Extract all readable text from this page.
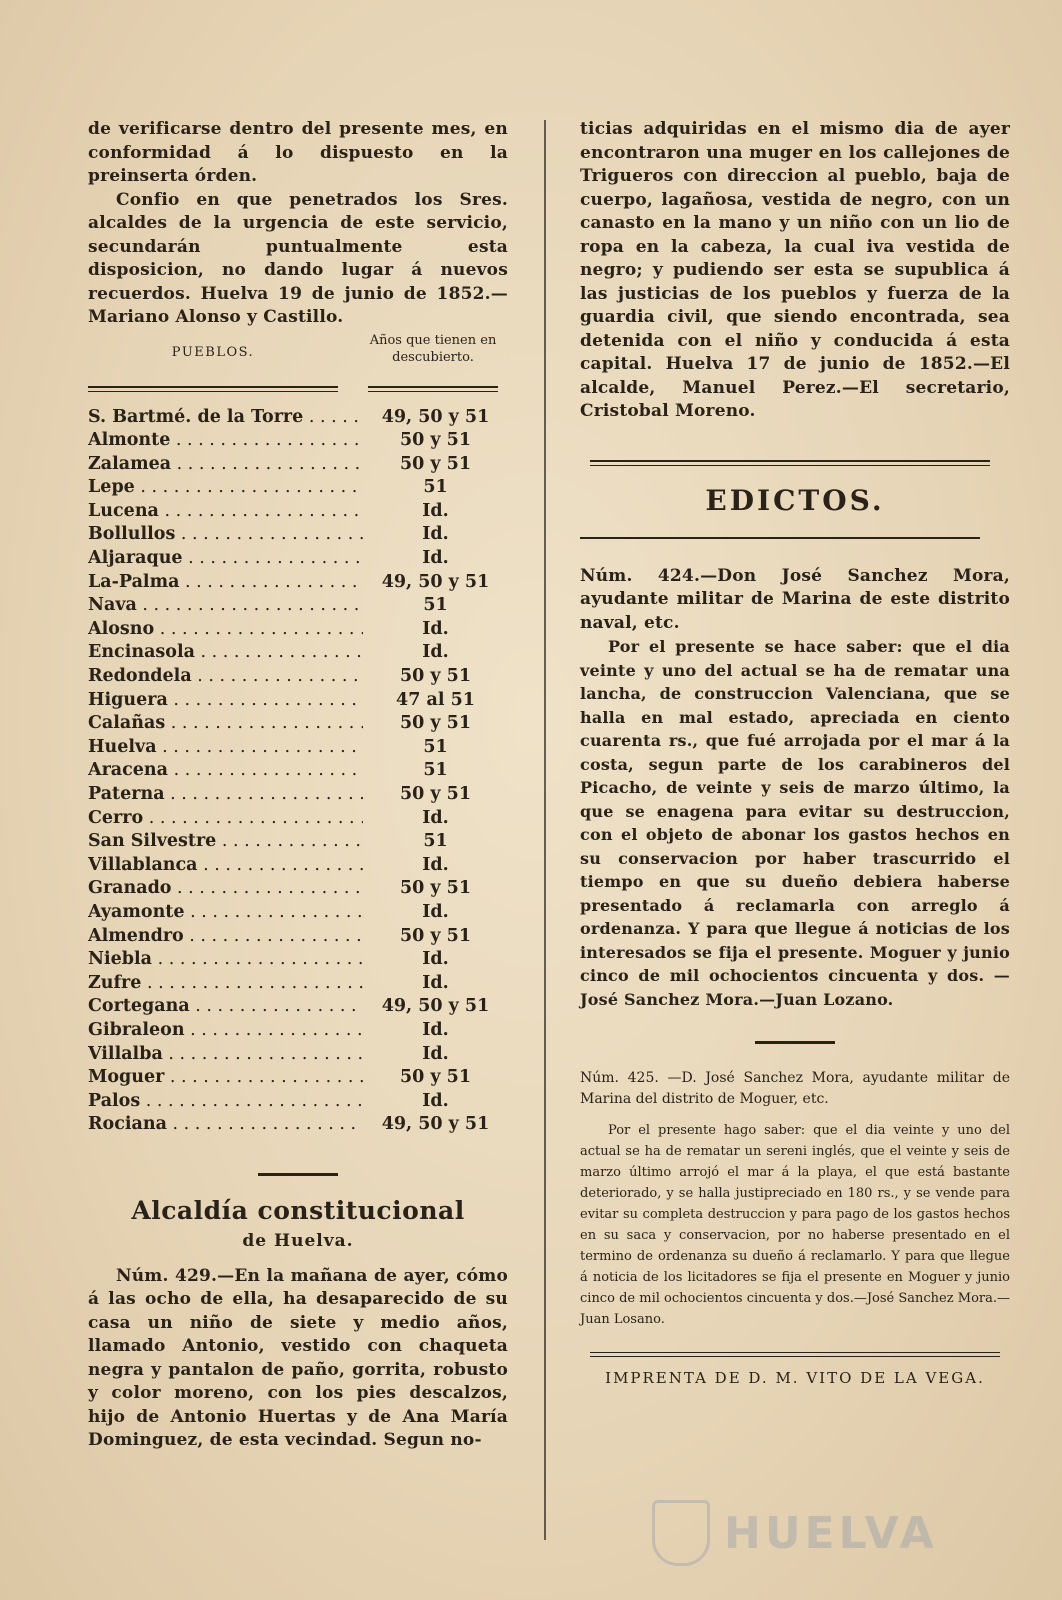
de verificarse dentro del presente mes, en conformidad á lo dispuesto en la preinserta órden.

Confio en que penetrados los Sres. alcaldes de la urgencia de este servicio, secundarán puntualmente esta disposicion, no dando lugar á nuevos recuerdos. Huelva 19 de junio de 1852.—Mariano Alonso y Castillo.

PUEBLOS.
Años que tienen en descubierto.
S. Bartmé. de la Torre . . .	49, 50 y 51
Almonte . . .	50 y 51
Zalamea . . .	50 y 51
Lepe . . .	51
Lucena . . .	Id.
Bollullos . . .	Id.
Aljaraque . . .	Id.
La-Palma . . .	49, 50 y 51
Nava . . .	51
Alosno . . .	Id.
Encinasola . . .	Id.
Redondela . . .	50 y 51
Higuera . . .	47 al 51
Calañas . . .	50 y 51
Huelva . . .	51
Aracena . . .	51
Paterna . . .	50 y 51
Cerro . . .	Id.
San Silvestre . . .	51
Villablanca . . .	Id.
Granado . . .	50 y 51
Ayamonte . . .	Id.
Almendro . . .	50 y 51
Niebla . . .	Id.
Zufre . . .	Id.
Cortegana . . .	49, 50 y 51
Gibraleon . . .	Id.
Villalba . . .	Id.
Moguer . . .	50 y 51
Palos . . .	Id.
Rociana . . .	49, 50 y 51
Alcaldía constitucional
de Huelva.

Núm. 429.—En la mañana de ayer, cómo á las ocho de ella, ha desaparecido de su casa un niño de siete y medio años, llamado Antonio, vestido con chaqueta negra y pantalon de paño, gorrita, robusto y color moreno, con los pies descalzos, hijo de Antonio Huertas y de Ana María Dominguez, de esta vecindad. Segun no-

ticias adquiridas en el mismo dia de ayer encontraron una muger en los callejones de Trigueros con direccion al pueblo, baja de cuerpo, lagañosa, vestida de negro, con un canasto en la mano y un niño con un lio de ropa en la cabeza, la cual iva vestida de negro; y pudiendo ser esta se supublica á las justicias de los pueblos y fuerza de la guardia civil, que siendo encontrada, sea detenida con el niño y conducida á esta capital. Huelva 17 de junio de 1852.—El alcalde, Manuel Perez.—El secretario, Cristobal Moreno.

EDICTOS.

Núm. 424.—Don José Sanchez Mora, ayudante militar de Marina de este distrito naval, etc.

Por el presente se hace saber: que el dia veinte y uno del actual se ha de rematar una lancha, de construccion Valenciana, que se halla en mal estado, apreciada en ciento cuarenta rs., que fué arrojada por el mar á la costa, segun parte de los carabineros del Picacho, de veinte y seis de marzo último, la que se enagena para evitar su destruccion, con el objeto de abonar los gastos hechos en su conservacion por haber trascurrido el tiempo en que su dueño debiera haberse presentado á reclamarla con arreglo á ordenanza. Y para que llegue á noticias de los interesados se fija el presente. Moguer y junio cinco de mil ochocientos cincuenta y dos. —José Sanchez Mora.—Juan Lozano.

Núm. 425. —D. José Sanchez Mora, ayudante militar de Marina del distrito de Moguer, etc.

Por el presente hago saber: que el dia veinte y uno del actual se ha de rematar un sereni inglés, que el veinte y seis de marzo último arrojó el mar á la playa, el que está bastante deteriorado, y se halla justipreciado en 180 rs., y se vende para evitar su completa destruccion y para pago de los gastos hechos en su saca y conservacion, por no haberse presentado en el termino de ordenanza su dueño á reclamarlo. Y para que llegue á noticia de los licitadores se fija el presente en Moguer y junio cinco de mil ochocientos cincuenta y dos.—José Sanchez Mora.—Juan Losano.

IMPRENTA DE D. M. VITO DE LA VEGA.
HUELVA
